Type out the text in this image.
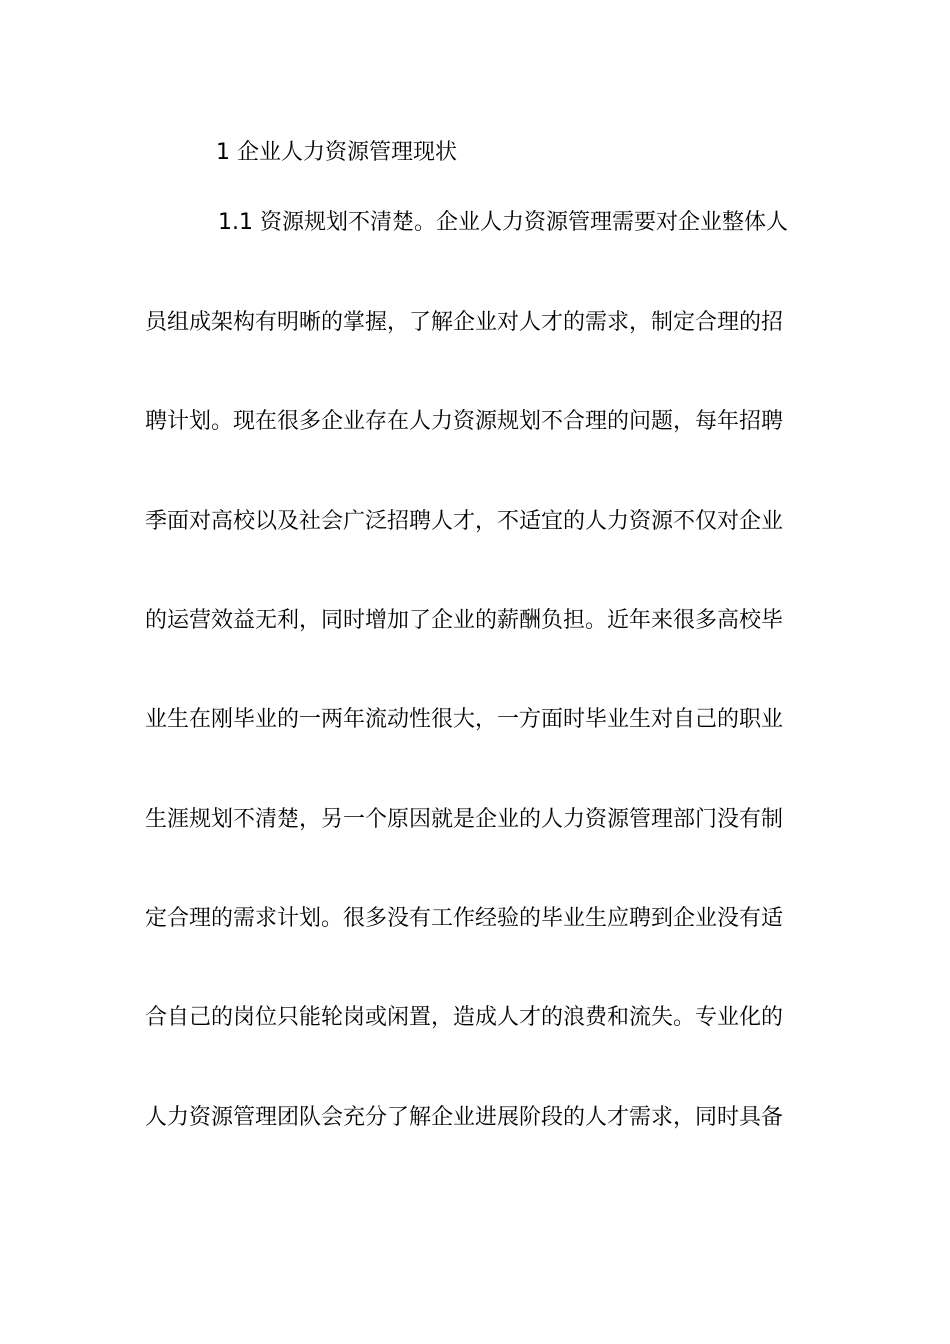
1 企业人力资源管理现状
1.1 资源规划不清楚。企业人力资源管理需要对企业整体人
员组成架构有明晰的掌握，了解企业对人才的需求，制定合理的招
聘计划。现在很多企业存在人力资源规划不合理的问题，每年招聘
季面对高校以及社会广泛招聘人才，不适宜的人力资源不仅对企业
的运营效益无利，同时增加了企业的薪酬负担。近年来很多高校毕
业生在刚毕业的一两年流动性很大，一方面时毕业生对自己的职业
生涯规划不清楚，另一个原因就是企业的人力资源管理部门没有制
定合理的需求计划。很多没有工作经验的毕业生应聘到企业没有适
合自己的岗位只能轮岗或闲置，造成人才的浪费和流失。专业化的
人力资源管理团队会充分了解企业进展阶段的人才需求，同时具备
